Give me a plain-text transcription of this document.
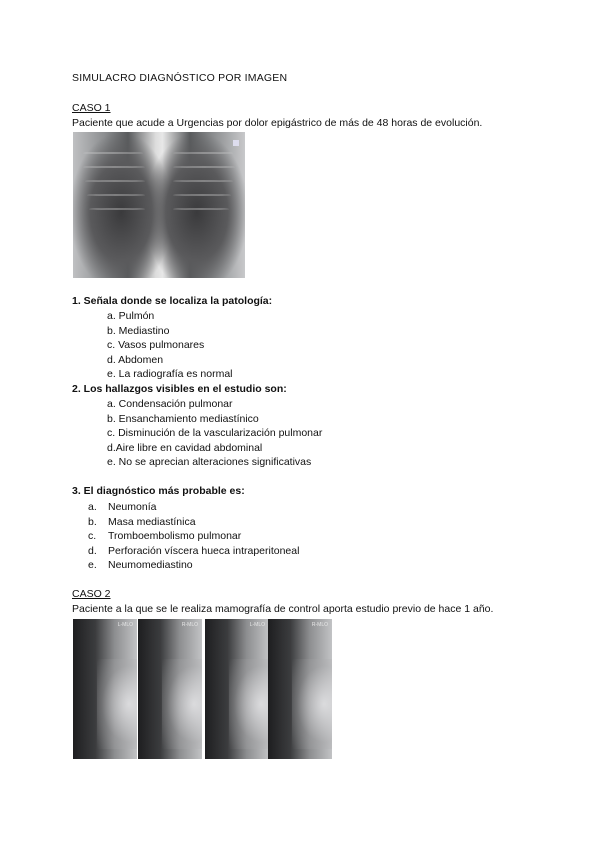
SIMULACRO DIAGNÓSTICO POR IMAGEN
CASO 1
Paciente que acude a Urgencias por dolor epigástrico de más de 48 horas de evolución.
1. Señala donde se localiza la patología:
a. Pulmón
b. Mediastino
c. Vasos pulmonares
d. Abdomen
e. La radiografía es normal
2. Los hallazgos visibles en el estudio son:
a. Condensación pulmonar
b. Ensanchamiento mediastínico
c. Disminución de la vascularización pulmonar
d.Aire libre en cavidad abdominal
e. No se aprecian alteraciones significativas
3. El diagnóstico más probable es:
a. Neumonía
b. Masa mediastínica
c. Tromboembolismo pulmonar
d. Perforación víscera hueca intraperitoneal
e. Neumomediastino
CASO 2
Paciente a la que se le realiza mamografía de control aporta estudio previo de hace 1 año.
L-MLO	R-MLO	L-MLO	R-MLO
